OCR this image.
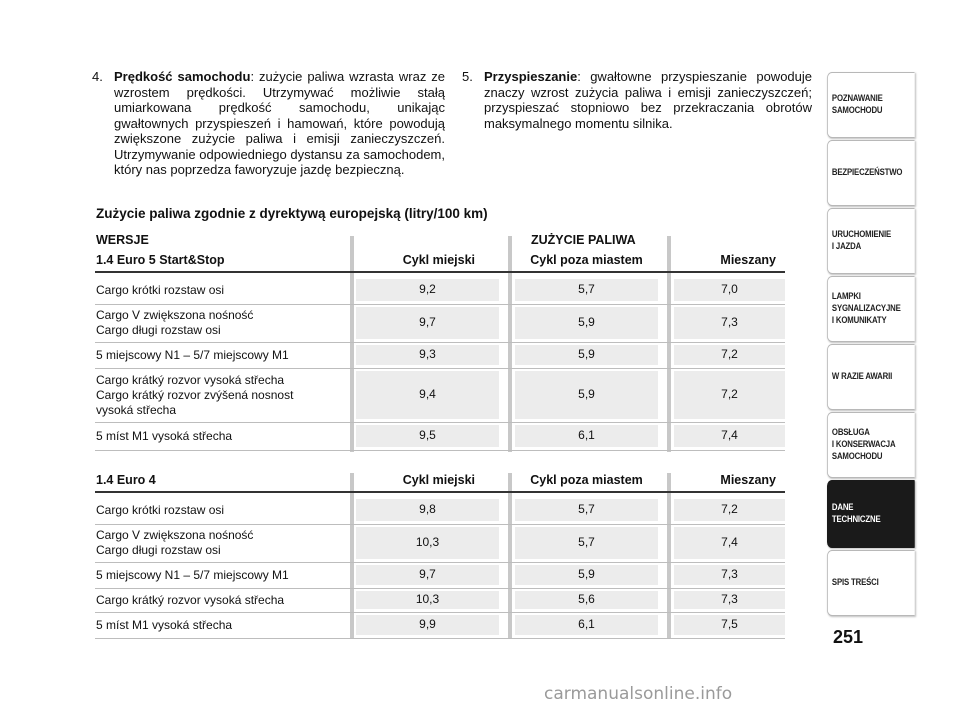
4. Prędkość samochodu: zużycie paliwa wzrasta wraz ze wzrostem prędkości. Utrzymywać możliwie stałą umiarkowana prędkość samochodu, unikając gwałtownych przyspieszeń i hamowań, które powodują zwiększone zużycie paliwa i emisji zanieczyszczeń. Utrzymywanie odpowiedniego dystansu za samochodem, który nas poprzedza faworyzuje jazdę bezpieczną.
5. Przyspieszanie: gwałtowne przyspieszanie powoduje znaczy wzrost zużycia paliwa i emisji zanieczyszczeń; przyspieszać stopniowo bez przekraczania obrotów maksymalnego momentu silnika.
Zużycie paliwa zgodnie z dyrektywą europejską (litry/100 km)
WERSJE	ZUŻYCIE PALIWA
1.4 Euro 5 Start&Stop	Cykl miejski	Cykl poza miastem	Mieszany
Cargo krótki rozstaw osi	9,2	5,7	7,0
Cargo V zwiększona nośność
Cargo długi rozstaw osi
9,7	5,9	7,3
5 miejscowy N1 – 5/7 miejscowy M1	9,3	5,9	7,2
Cargo krátký rozvor vysoká střecha
Cargo krátký rozvor zvýšená nosnost
vysoká střecha
9,4	5,9	7,2
5 míst M1 vysoká střecha	9,5	6,1	7,4
1.4 Euro 4	Cykl miejski	Cykl poza miastem	Mieszany
Cargo krótki rozstaw osi	9,8	5,7	7,2
Cargo V zwiększona nośność
Cargo długi rozstaw osi
10,3	5,7	7,4
5 miejscowy N1 – 5/7 miejscowy M1	9,7	5,9	7,3
Cargo krátký rozvor vysoká střecha	10,3	5,6	7,3
5 míst M1 vysoká střecha	9,9	6,1	7,5
POZNAWANIE
SAMOCHODU
BEZPIECZEŃSTWO
URUCHOMIENIE
I JAZDA
LAMPKI
SYGNALIZACYJNE
I KOMUNIKATY
W RAZIE AWARII
OBSŁUGA
I KONSERWACJA
SAMOCHODU
DANE
TECHNICZNE
SPIS TREŚCI
251
carmanualsonline.info
